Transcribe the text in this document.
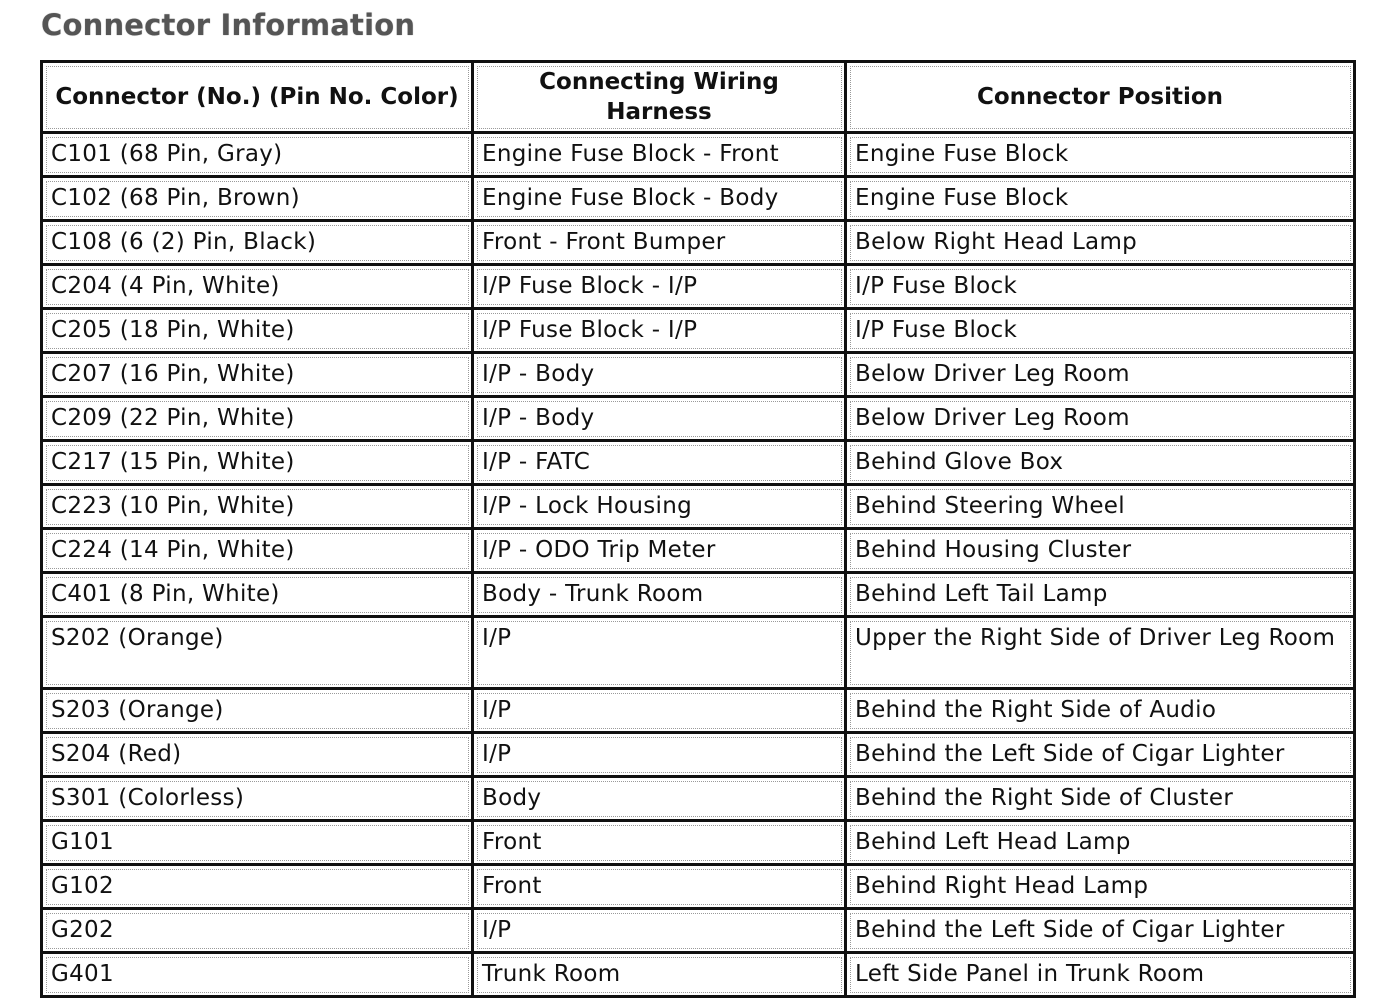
Connector Information
Connector (No.) (Pin No. Color)	Connecting Wiring Harness	Connector Position
C101 (68 Pin, Gray)	Engine Fuse Block - Front	Engine Fuse Block
C102 (68 Pin, Brown)	Engine Fuse Block - Body	Engine Fuse Block
C108 (6 (2) Pin, Black)	Front - Front Bumper	Below Right Head Lamp
C204 (4 Pin, White)	I/P Fuse Block - I/P	I/P Fuse Block
C205 (18 Pin, White)	I/P Fuse Block - I/P	I/P Fuse Block
C207 (16 Pin, White)	I/P - Body	Below Driver Leg Room
C209 (22 Pin, White)	I/P - Body	Below Driver Leg Room
C217 (15 Pin, White)	I/P - FATC	Behind Glove Box
C223 (10 Pin, White)	I/P - Lock Housing	Behind Steering Wheel
C224 (14 Pin, White)	I/P - ODO Trip Meter	Behind Housing Cluster
C401 (8 Pin, White)	Body - Trunk Room	Behind Left Tail Lamp
S202 (Orange)	I/P	Upper the Right Side of Driver Leg Room
S203 (Orange)	I/P	Behind the Right Side of Audio
S204 (Red)	I/P	Behind the Left Side of Cigar Lighter
S301 (Colorless)	Body	Behind the Right Side of Cluster
G101	Front	Behind Left Head Lamp
G102	Front	Behind Right Head Lamp
G202	I/P	Behind the Left Side of Cigar Lighter
G401	Trunk Room	Left Side Panel in Trunk Room
